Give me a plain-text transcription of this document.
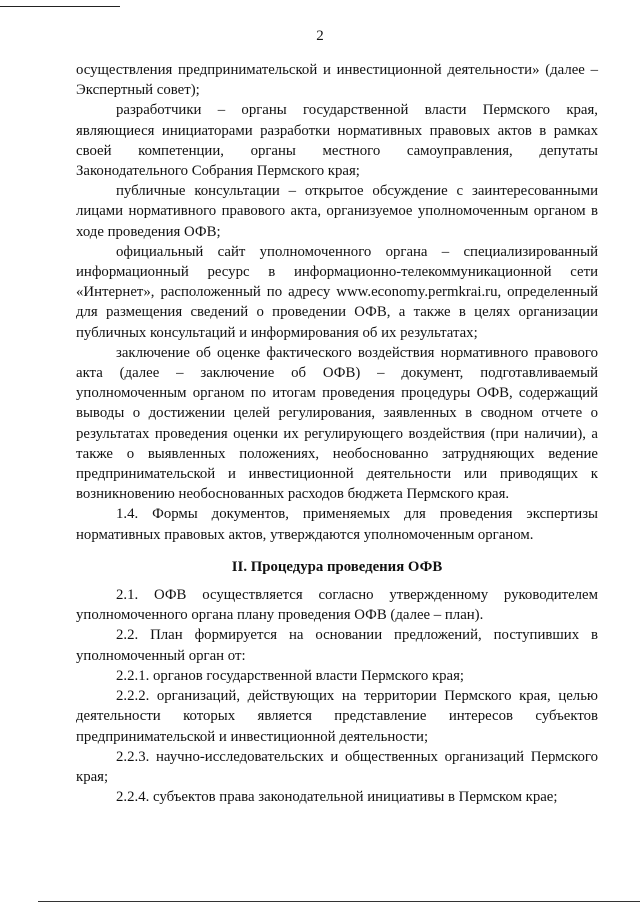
2

осуществления предпринимательской и инвестиционной деятельности» (далее – Экспертный совет);

разработчики – органы государственной власти Пермского края, являющиеся инициаторами разработки нормативных правовых актов в рамках своей компетенции, органы местного самоуправления, депутаты Законодательного Собрания Пермского края;

публичные консультации – открытое обсуждение с заинтересованными лицами нормативного правового акта, организуемое уполномоченным органом в ходе проведения ОФВ;

официальный сайт уполномоченного органа – специализированный информационный ресурс в информационно-телекоммуникационной сети «Интернет», расположенный по адресу www.economy.permkrai.ru, определенный для размещения сведений о проведении ОФВ, а также в целях организации публичных консультаций и информирования об их результатах;

заключение об оценке фактического воздействия нормативного правового акта (далее – заключение об ОФВ) – документ, подготавливаемый уполномоченным органом по итогам проведения процедуры ОФВ, содержащий выводы о достижении целей регулирования, заявленных в сводном отчете о результатах проведения оценки их регулирующего воздействия (при наличии), а также о выявленных положениях, необоснованно затрудняющих ведение предпринимательской и инвестиционной деятельности или приводящих к возникновению необоснованных расходов бюджета Пермского края.

1.4. Формы документов, применяемых для проведения экспертизы нормативных правовых актов, утверждаются уполномоченным органом.

II. Процедура проведения ОФВ

2.1. ОФВ осуществляется согласно утвержденному руководителем уполномоченного органа плану проведения ОФВ (далее – план).

2.2. План формируется на основании предложений, поступивших в уполномоченный орган от:

2.2.1. органов государственной власти Пермского края;

2.2.2. организаций, действующих на территории Пермского края, целью деятельности которых является представление интересов субъектов предпринимательской и инвестиционной деятельности;

2.2.3. научно-исследовательских и общественных организаций Пермского края;

2.2.4. субъектов права законодательной инициативы в Пермском крае;
